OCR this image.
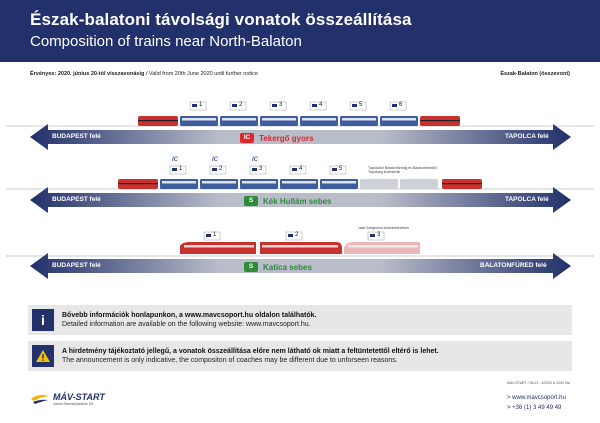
Észak-balatoni távolsági vonatok összeállítása
Composition of trains near North-Balaton
Érvényes: 2020. június 20-tól visszavonásig / Valid from 20th June 2020 until further notice	Észak-Balaton (összevont)
IC	IC	IC
1	2	3	4	5	6
1	2	3	4	5
1	2	3
Tapolcától Balatonfüredig és Balatonfüredtől Tapolcáig közlekedik
csak Szegmens közlekedésében
BUDAPEST felé	TAPOLCA felé
BUDAPEST felé	TAPOLCA felé
BUDAPEST felé	BALATONFÜRED felé
IC	Tekergő gyors
S	Kék Hullám sebes
S	Katica sebes
i	Bővebb információk honlapunkon, a www.mavcsoport.hu oldalon találhatók.
Detailed information are available on the following website: www.mavcsoport.hu.
A hirdetmény tájékoztató jellegű, a vonatok összeállítása előre nem látható ok miatt a feltüntetettől eltérő is lehet.
The announcement is only indicative, the compositon of coaches may be different due to unforseen reasons.
MÁV-START / 06.22 - 4/2020 & 2020 IIIa
MÁV-START
Vasúti Személyszállító Zrt.
> www.mavcsoport.hu
> +36 (1) 3 49 49 49
